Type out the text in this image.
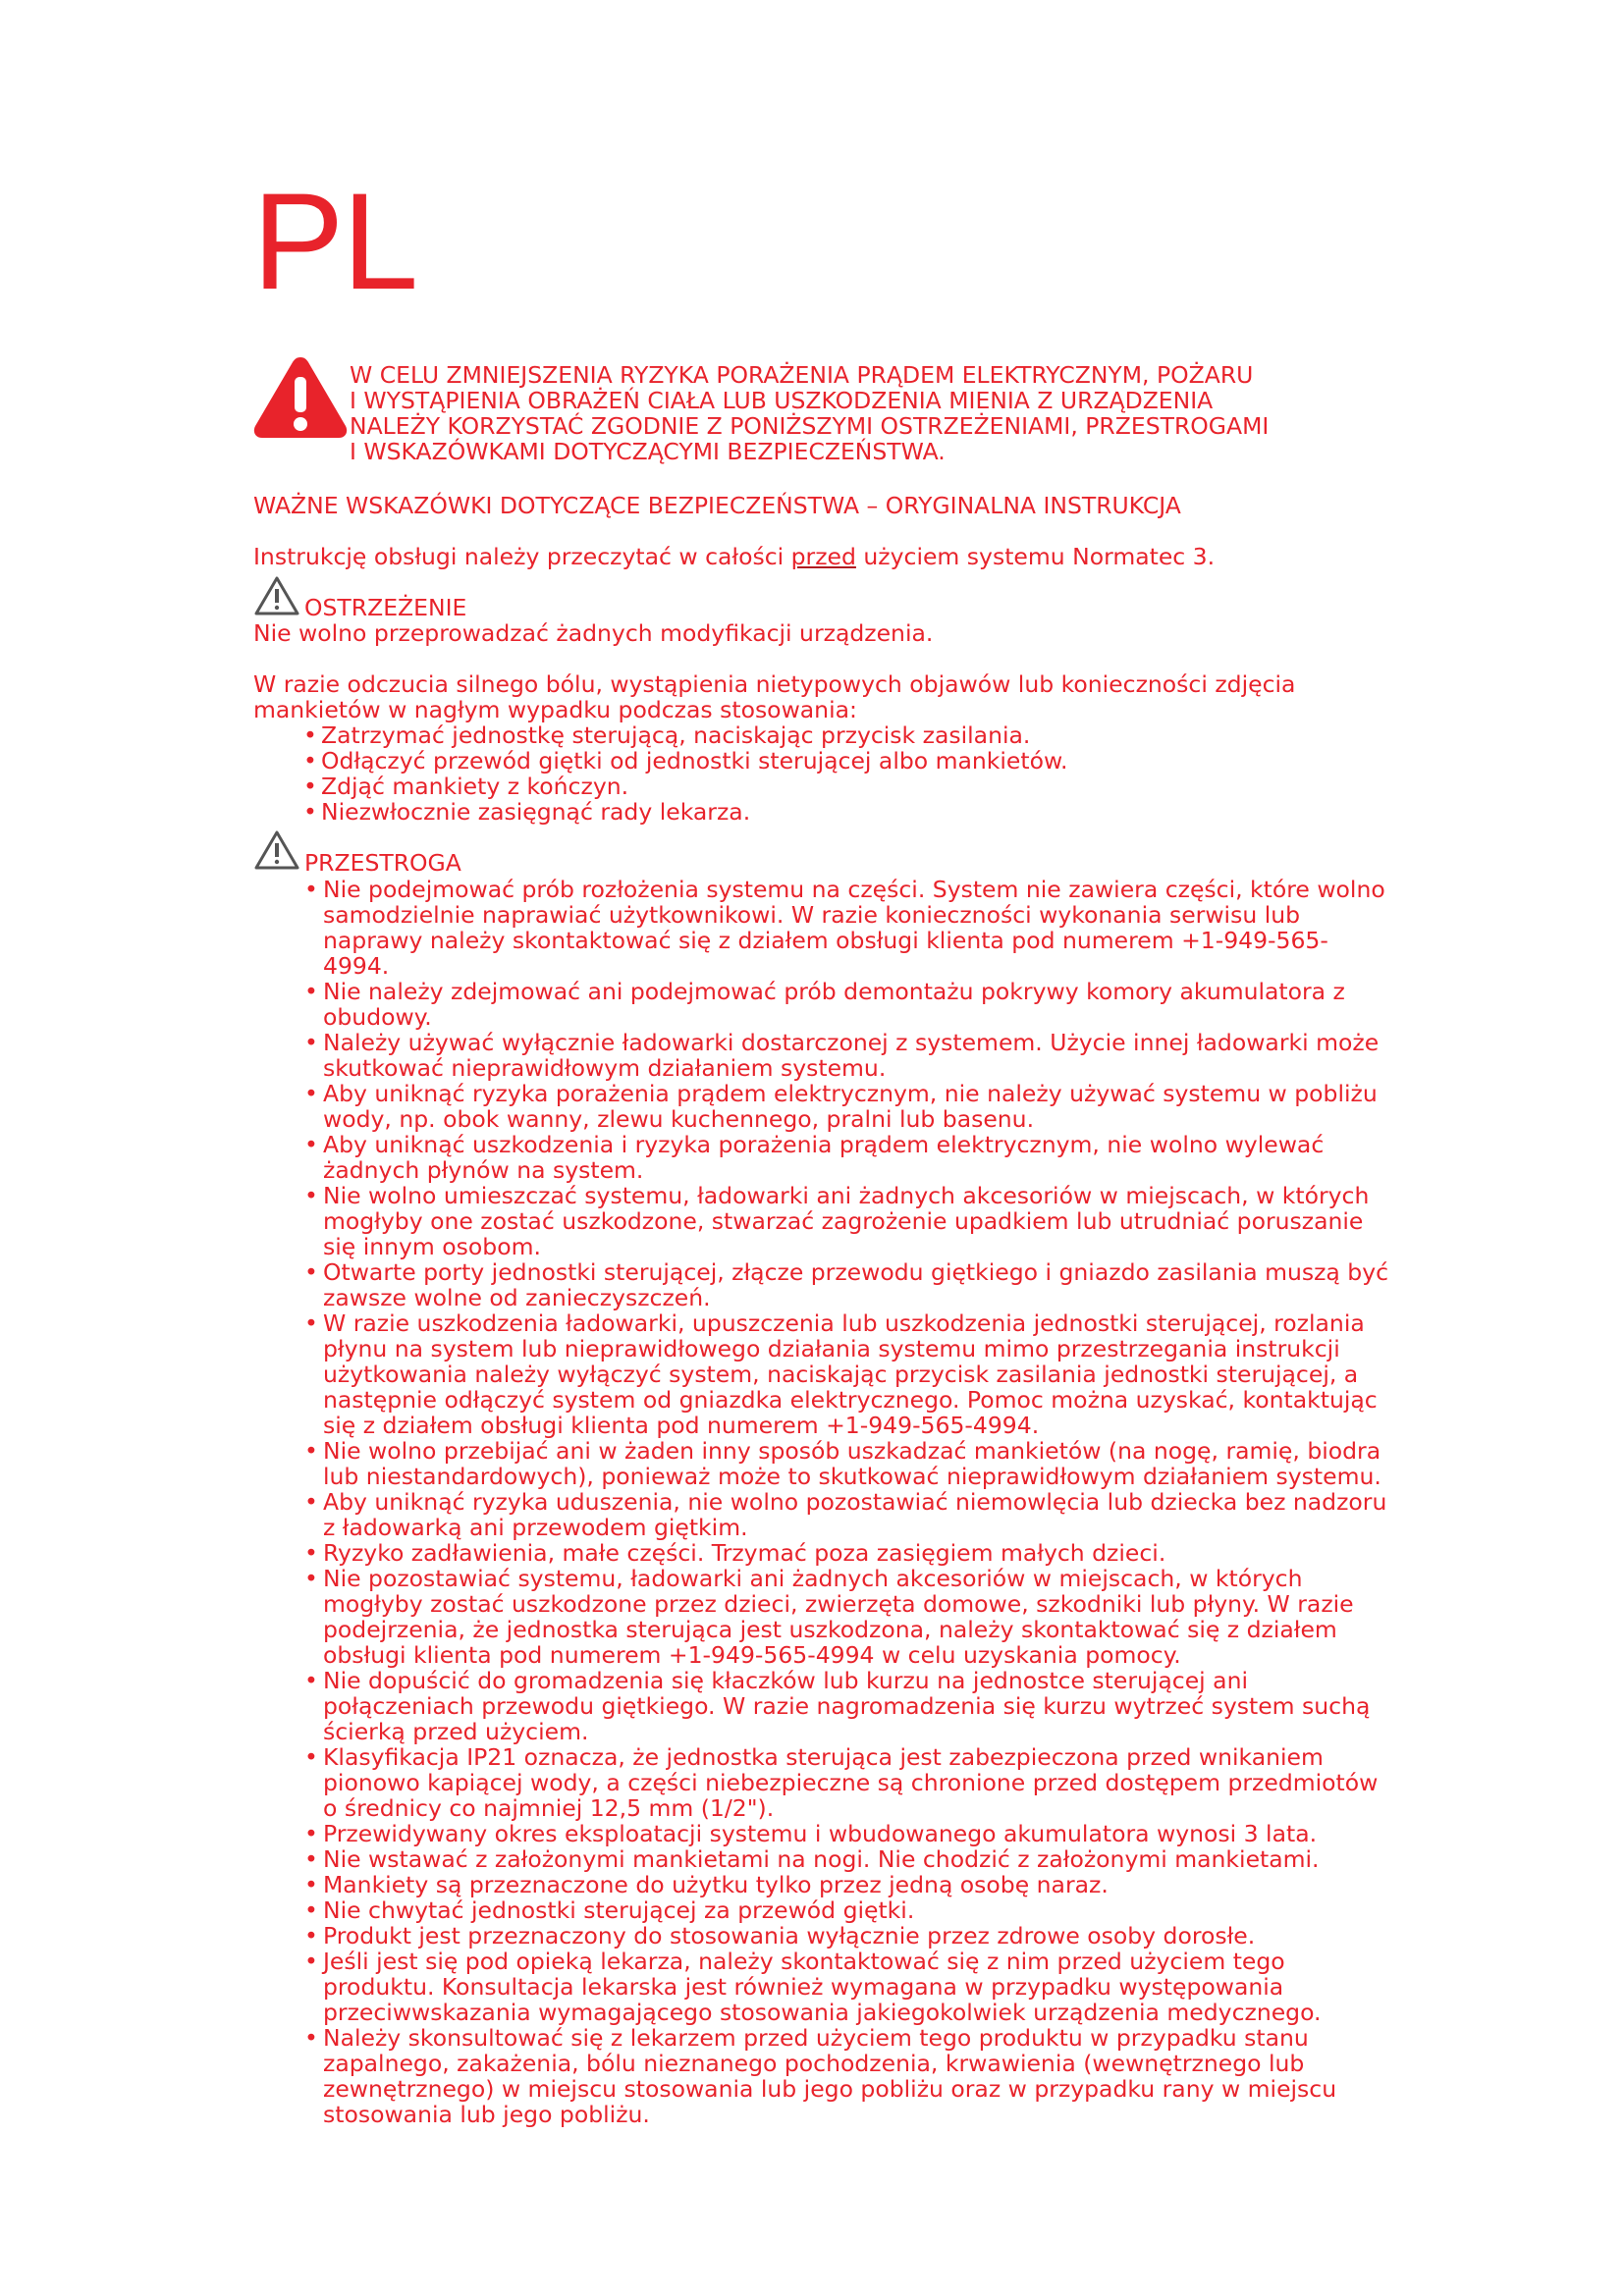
PL
W CELU ZMNIEJSZENIA RYZYKA PORAŻENIA PRĄDEM ELEKTRYCZNYM, POŻARU
I WYSTĄPIENIA OBRAŻEŃ CIAŁA LUB USZKODZENIA MIENIA Z URZĄDZENIA
NALEŻY KORZYSTAĆ ZGODNIE Z PONIŻSZYMI OSTRZEŻENIAMI, PRZESTROGAMI
I WSKAZÓWKAMI DOTYCZĄCYMI BEZPIECZEŃSTWA.
WAŻNE WSKAZÓWKI DOTYCZĄCE BEZPIECZEŃSTWA – ORYGINALNA INSTRUKCJA
Instrukcję obsługi należy przeczytać w całości przed użyciem systemu Normatec 3.
OSTRZEŻENIE
Nie wolno przeprowadzać żadnych modyfikacji urządzenia.
W razie odczucia silnego bólu, wystąpienia nietypowych objawów lub konieczności zdjęcia mankietów w nagłym wypadku podczas stosowania:
• Zatrzymać jednostkę sterującą, naciskając przycisk zasilania.
• Odłączyć przewód giętki od jednostki sterującej albo mankietów.
• Zdjąć mankiety z kończyn.
• Niezwłocznie zasięgnąć rady lekarza.
PRZESTROGA
• Nie podejmować prób rozłożenia systemu na części. System nie zawiera części, które wolno samodzielnie naprawiać użytkownikowi. W razie konieczności wykonania serwisu lub naprawy należy skontaktować się z działem obsługi klienta pod numerem +1-949-565-4994.
• Nie należy zdejmować ani podejmować prób demontażu pokrywy komory akumulatora z obudowy.
• Należy używać wyłącznie ładowarki dostarczonej z systemem. Użycie innej ładowarki może skutkować nieprawidłowym działaniem systemu.
• Aby uniknąć ryzyka porażenia prądem elektrycznym, nie należy używać systemu w pobliżu wody, np. obok wanny, zlewu kuchennego, pralni lub basenu.
• Aby uniknąć uszkodzenia i ryzyka porażenia prądem elektrycznym, nie wolno wylewać żadnych płynów na system.
• Nie wolno umieszczać systemu, ładowarki ani żadnych akcesoriów w miejscach, w których mogłyby one zostać uszkodzone, stwarzać zagrożenie upadkiem lub utrudniać poruszanie się innym osobom.
• Otwarte porty jednostki sterującej, złącze przewodu giętkiego i gniazdo zasilania muszą być zawsze wolne od zanieczyszczeń.
• W razie uszkodzenia ładowarki, upuszczenia lub uszkodzenia jednostki sterującej, rozlania płynu na system lub nieprawidłowego działania systemu mimo przestrzegania instrukcji użytkowania należy wyłączyć system, naciskając przycisk zasilania jednostki sterującej, a następnie odłączyć system od gniazdka elektrycznego. Pomoc można uzyskać, kontaktując się z działem obsługi klienta pod numerem +1-949-565-4994.
• Nie wolno przebijać ani w żaden inny sposób uszkadzać mankietów (na nogę, ramię, biodra lub niestandardowych), ponieważ może to skutkować nieprawidłowym działaniem systemu.
• Aby uniknąć ryzyka uduszenia, nie wolno pozostawiać niemowlęcia lub dziecka bez nadzoru z ładowarką ani przewodem giętkim.
• Ryzyko zadławienia, małe części. Trzymać poza zasięgiem małych dzieci.
• Nie pozostawiać systemu, ładowarki ani żadnych akcesoriów w miejscach, w których mogłyby zostać uszkodzone przez dzieci, zwierzęta domowe, szkodniki lub płyny. W razie podejrzenia, że jednostka sterująca jest uszkodzona, należy skontaktować się z działem obsługi klienta pod numerem +1-949-565-4994 w celu uzyskania pomocy.
• Nie dopuścić do gromadzenia się kłaczków lub kurzu na jednostce sterującej ani połączeniach przewodu giętkiego. W razie nagromadzenia się kurzu wytrzeć system suchą ścierką przed użyciem.
• Klasyfikacja IP21 oznacza, że jednostka sterująca jest zabezpieczona przed wnikaniem pionowo kapiącej wody, a części niebezpieczne są chronione przed dostępem przedmiotów o średnicy co najmniej 12,5 mm (1/2").
• Przewidywany okres eksploatacji systemu i wbudowanego akumulatora wynosi 3 lata.
• Nie wstawać z założonymi mankietami na nogi. Nie chodzić z założonymi mankietami.
• Mankiety są przeznaczone do użytku tylko przez jedną osobę naraz.
• Nie chwytać jednostki sterującej za przewód giętki.
• Produkt jest przeznaczony do stosowania wyłącznie przez zdrowe osoby dorosłe.
• Jeśli jest się pod opieką lekarza, należy skontaktować się z nim przed użyciem tego produktu. Konsultacja lekarska jest również wymagana w przypadku występowania przeciwwskazania wymagającego stosowania jakiegokolwiek urządzenia medycznego.
• Należy skonsultować się z lekarzem przed użyciem tego produktu w przypadku stanu zapalnego, zakażenia, bólu nieznanego pochodzenia, krwawienia (wewnętrznego lub zewnętrznego) w miejscu stosowania lub jego pobliżu oraz w przypadku rany w miejscu stosowania lub jego pobliżu.
